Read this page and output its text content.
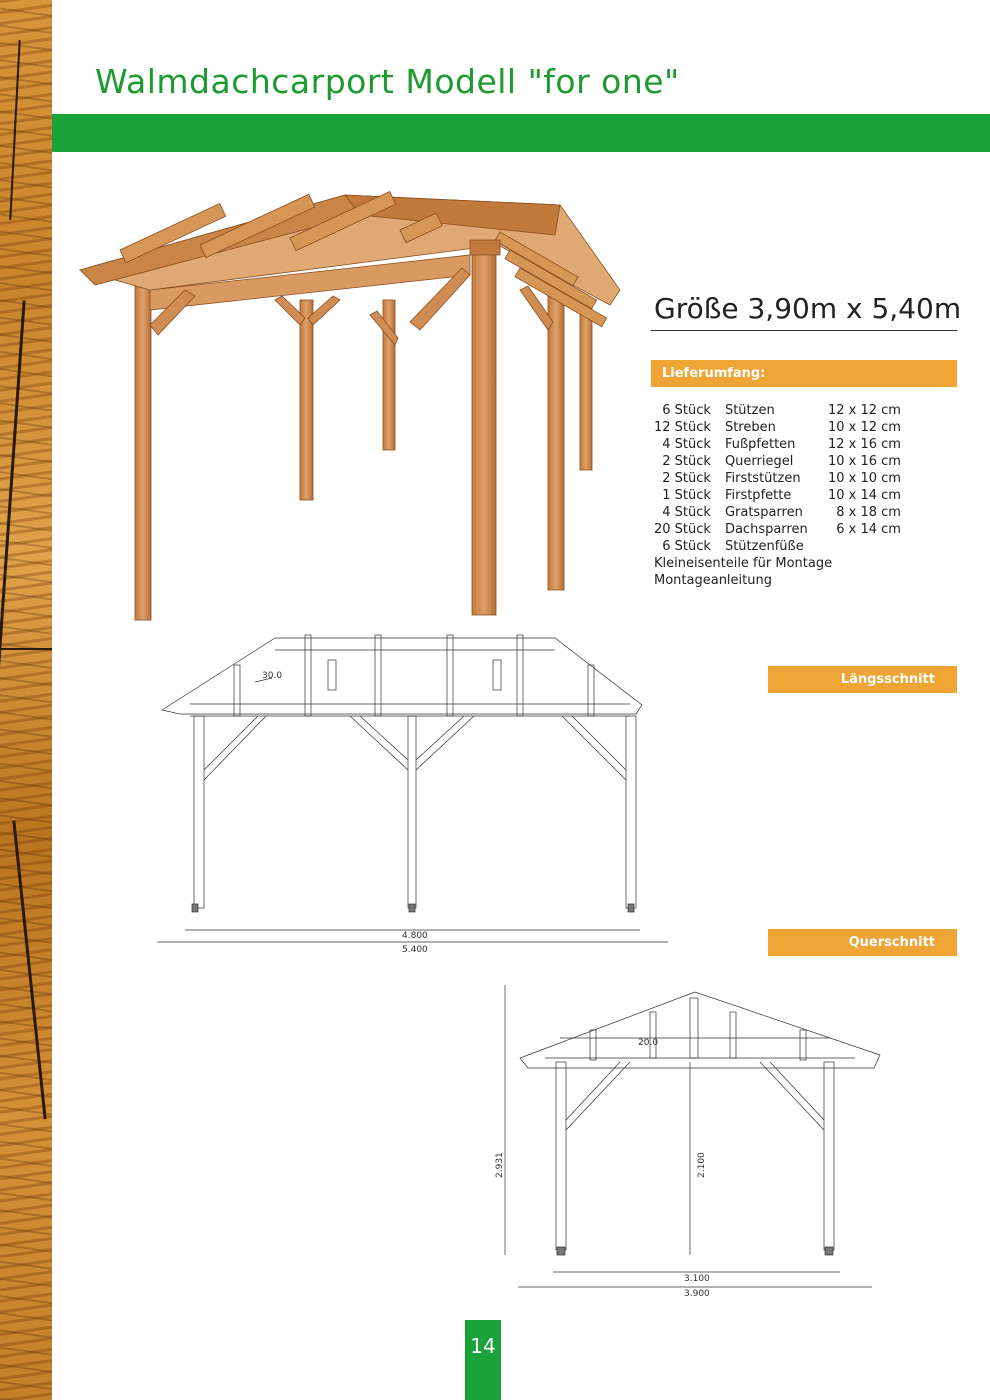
Walmdachcarport Modell "for one"
30.0
4.800
5.400
20.0
3.100
3.900
2.931	2.100
Größe 3,90m x 5,40m
Lieferumfang:
6 Stück	Stützen	12 x 12 cm
12 Stück	Streben	10 x 12 cm
4 Stück	Fußpfetten	12 x 16 cm
2 Stück	Querriegel	10 x 16 cm
2 Stück	Firststützen	10 x 10 cm
1 Stück	Firstpfette	10 x 14 cm
4 Stück	Gratsparren	8 x 18 cm
20 Stück	Dachsparren	6 x 14 cm
6 Stück	Stützenfüße	
Kleineisenteile für Montage
Montageanleitung
Längsschnitt
Querschnitt
14
